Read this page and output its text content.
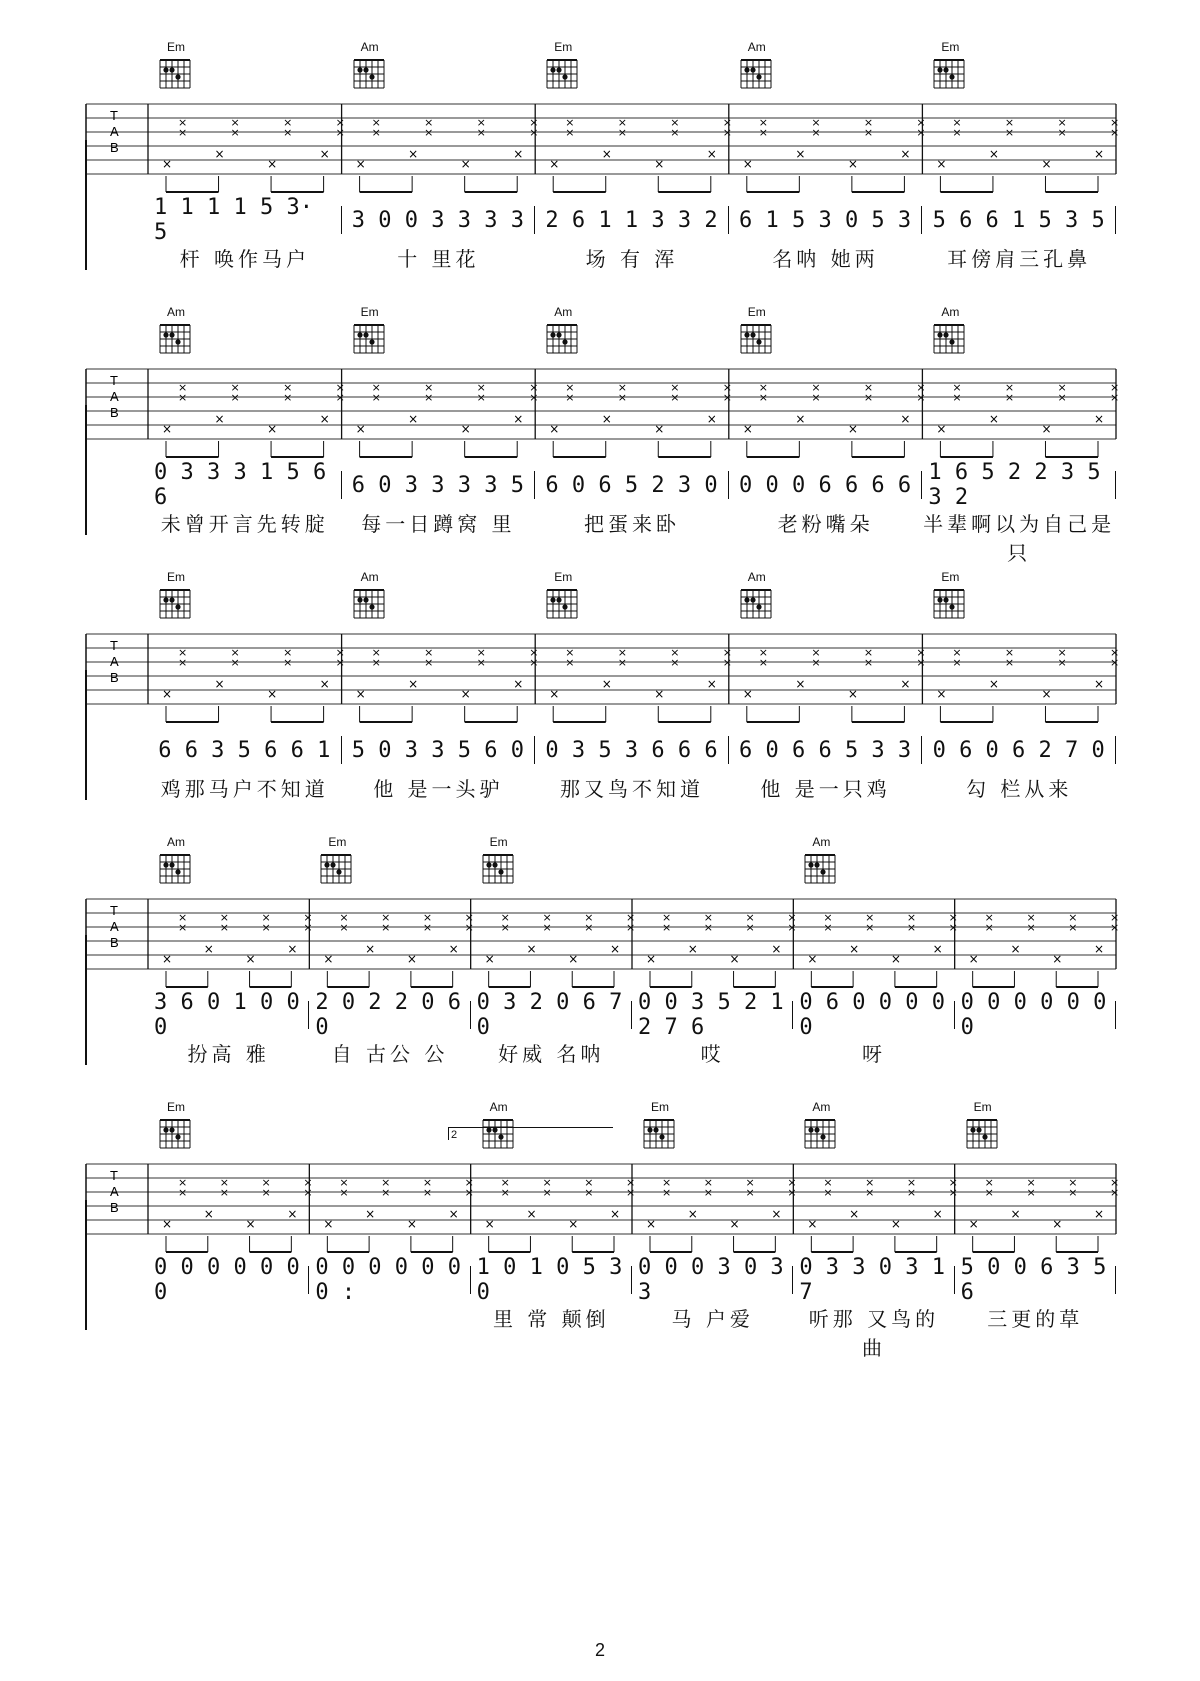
Em	Am	Em	Am	Em
T
A
B
×
×
×
×
×
×
×
×
×
×
×
×
×
×
×
×
×
×
×
×
×
×
×
×
×
×
×
×
×
×
×
×
×
×
×
×
×
×
×
×
×
×
×
×
×
×
×
×
×
×
×
×
×
×
×
×
×
×
×
×
1 1 1 1 5 3· 5	3 0 0 3 3 3 3 2 6 1 1 3 3 2 6 1 5 3 0 5 3 5 6 6 1 5 3 5
杆 唤作马户	十 里花	场 有 浑	名呐 她两	耳傍肩三孔鼻
Am	Em	Am	Em	Am
T
A
B
×
×
×
×
×
×
×
×
×
×
×
×
×
×
×
×
×
×
×
×
×
×
×
×
×
×
×
×
×
×
×
×
×
×
×
×
×
×
×
×
×
×
×
×
×
×
×
×
×
×
×
×
×
×
×
×
×
×
×
×
0 3 3 3 1 5 6 6	6 0 3 3 3 3 5 6 0 6 5 2 3 0 0 0 0 6 6 6 6 1 6 5 2 2 3 5 3 2
未曾开言先转腚	每一日蹲窝 里	把蛋来卧	老粉嘴朵	半辈啊以为自己是只
Em	Am	Em	Am	Em
T
A
B
×
×
×
×
×
×
×
×
×
×
×
×
×
×
×
×
×
×
×
×
×
×
×
×
×
×
×
×
×
×
×
×
×
×
×
×
×
×
×
×
×
×
×
×
×
×
×
×
×
×
×
×
×
×
×
×
×
×
×
×
6 6 3 5 6 6 1 5 0 3 3 5 6 0 0 3 5 3 6 6 6 6 0 6 6 5 3 3 0 6 0 6 2 7 0
鸡那马户不知道	他 是一头驴	那又鸟不知道	他 是一只鸡	勾 栏从来
Am	Em	Em	Am
T
A
B
×
×
×
×
×
×
×
×
×
×
×
×
×
×
×
×
×
×
×
×
×
×
×
×
×
×
×
×
×
×
×
×
×
×
×
×
×
×
×
×
×
×
×
×
×
×
×
×
×
×
×
×
×
×
×
×
×
×
×
×
×
×
×
×
×
×
×
×
×
×
×
×
3 6 0 1 0 0 0
2 0 2 2 0 6 0
0 3 2 0 6 7 0
0 0 3 5 2 1 2 7 6
0 6 0 0 0 0 0
0 0 0 0 0 0 0
扮高 雅	自 古公 公	好威 名呐	哎	呀
Em	Am	Em	Am	Em
T
A
B
×
×
×
×
×
×
×
×
×
×
×
×
×
×
×
×
×
×
×
×
×
×
×
×
×
×
×
×
×
×
×
×
×
×
×
×
×
×
×
×
×
×
×
×
×
×
×
×
×
×
×
×
×
×
×
×
×
×
×
×
×
×
×
×
×
×
×
×
×
×
×
×
0 0 0 0 0 0 0
0 0 0 0 0 0 0 :
1 0 1 0 5 3 0
0 0 0 3 0 3 3
0 3 3 0 3 1 7
5 0 0 6 3 5 6
里 常 颠倒	马 户爱	听那 又鸟的 曲
三更的草
2
2
